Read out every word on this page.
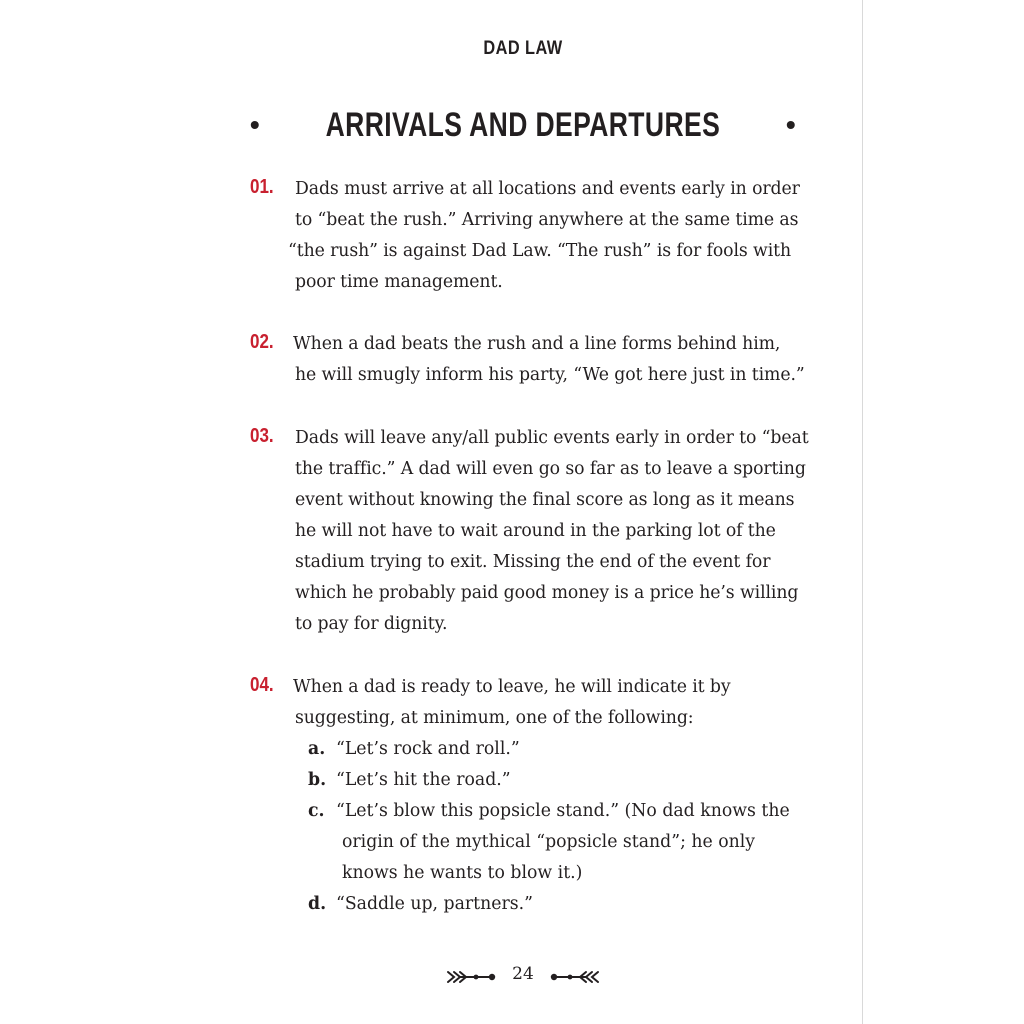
DAD LAW
• ARRIVALS AND DEPARTURES •
01. Dads must arrive at all locations and events early in order
to “beat the rush.” Arriving anywhere at the same time as
“the rush” is against Dad Law. “The rush” is for fools with
poor time management.
02. When a dad beats the rush and a line forms behind him,
he will smugly inform his party, “We got here just in time.”
03. Dads will leave any/all public events early in order to “beat
the traffic.” A dad will even go so far as to leave a sporting
event without knowing the final score as long as it means
he will not have to wait around in the parking lot of the
stadium trying to exit. Missing the end of the event for
which he probably paid good money is a price he’s willing
to pay for dignity.
04. When a dad is ready to leave, he will indicate it by
suggesting, at minimum, one of the following:
a. “Let’s rock and roll.”
b. “Let’s hit the road.”
c. “Let’s blow this popsicle stand.” (No dad knows the
origin of the mythical “popsicle stand”; he only
knows he wants to blow it.)
d. “Saddle up, partners.”
24
